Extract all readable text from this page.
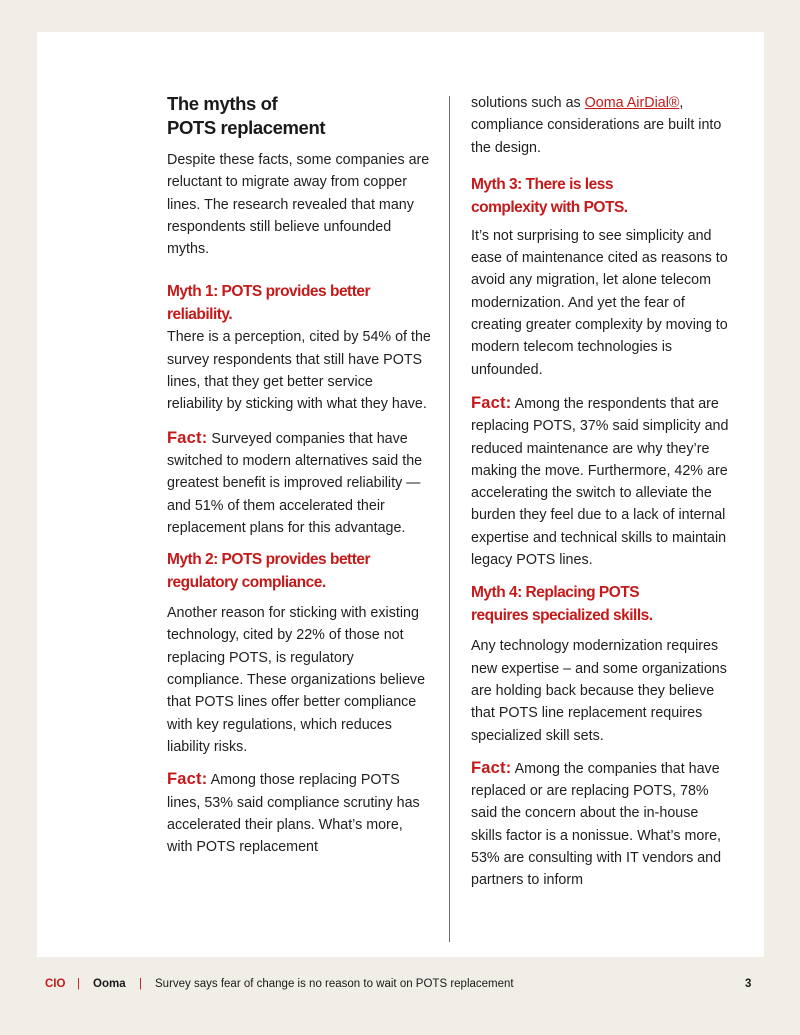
The myths of
POTS replacement

Despite these facts, some companies are reluctant to migrate away from copper lines. The research revealed that many respondents still believe unfounded myths.

Myth 1: POTS provides better
reliability.

There is a perception, cited by 54% of the survey respondents that still have POTS lines, that they get better service reliability by sticking with what they have.

Fact: Surveyed companies that have switched to modern alternatives said the greatest benefit is improved reliability — and 51% of them accelerated their replacement plans for this advantage.

Myth 2: POTS provides better
regulatory compliance.

Another reason for sticking with existing technology, cited by 22% of those not replacing POTS, is regulatory compliance. These organizations believe that POTS lines offer better compliance with key regulations, which reduces liability risks.

Fact: Among those replacing POTS lines, 53% said compliance scrutiny has accelerated their plans. What’s more, with POTS replacement

solutions such as Ooma AirDial®, compliance considerations are built into the design.

Myth 3: There is less
complexity with POTS.

It’s not surprising to see simplicity and ease of maintenance cited as reasons to avoid any migration, let alone telecom modernization. And yet the fear of creating greater complexity by moving to modern telecom technologies is unfounded.

Fact: Among the respondents that are replacing POTS, 37% said simplicity and reduced maintenance are why they’re making the move. Furthermore, 42% are accelerating the switch to alleviate the burden they feel due to a lack of internal expertise and technical skills to maintain legacy POTS lines.

Myth 4: Replacing POTS
requires specialized skills.

Any technology modernization requires new expertise – and some organizations are holding back because they believe that POTS line replacement requires specialized skill sets.

Fact: Among the companies that have replaced or are replacing POTS, 78% said the concern about the in-house skills factor is a nonissue. What’s more, 53% are consulting with IT vendors and partners to inform

CIO | Ooma | Survey says fear of change is no reason to wait on POTS replacement	3
